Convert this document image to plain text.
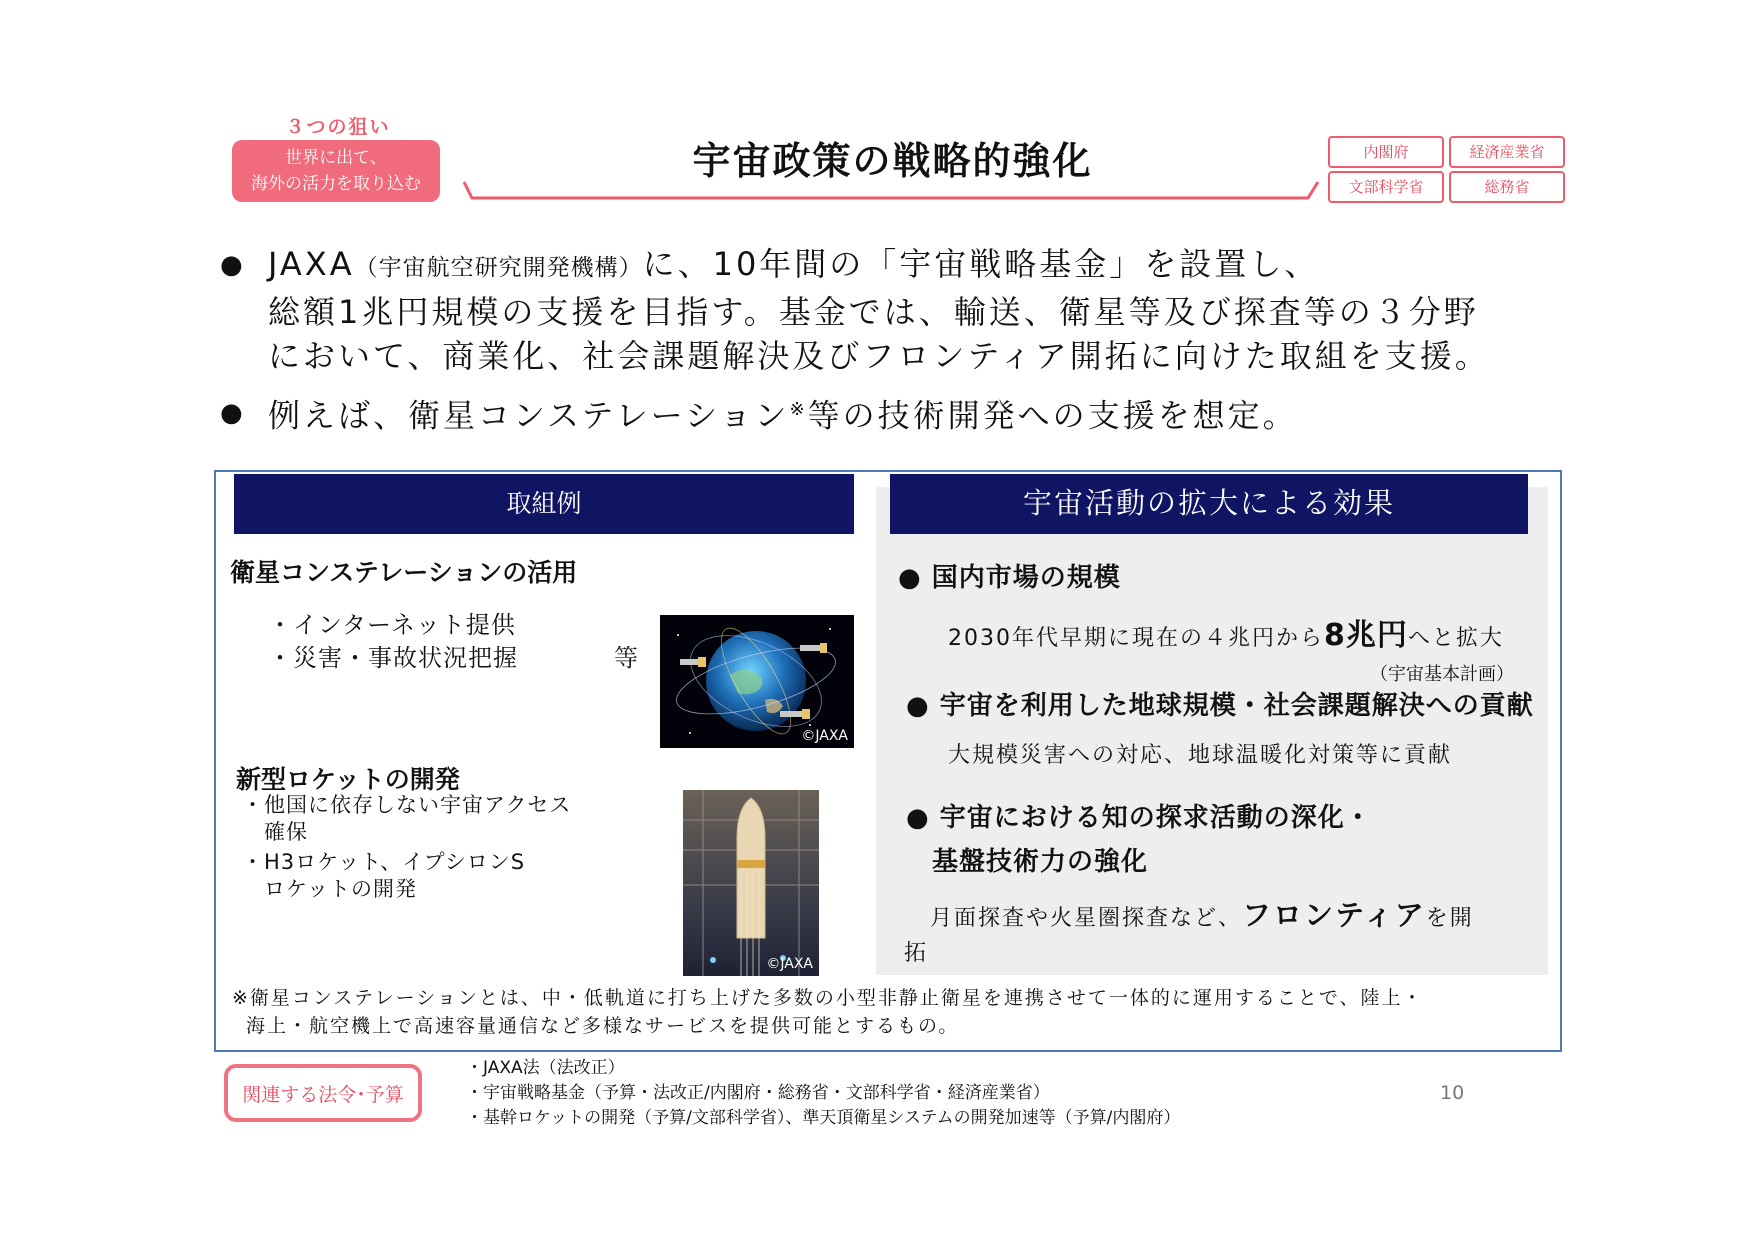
３つの狙い
世界に出て、
海外の活力を取り込む
宇宙政策の戦略的強化	内閣府	経済産業省
文部科学省	総務省
● JAXA（宇宙航空研究開発機構）に、10年間の「宇宙戦略基金」を設置し、
総額1兆円規模の支援を目指す。基金では、輸送、衛星等及び探査等の３分野
において、商業化、社会課題解決及びフロンティア開拓に向けた取組を支援。
● 例えば、衛星コンステレーション※等の技術開発への支援を想定。
取組例
衛星コンステレーションの活用
・インターネット提供
・災害・事故状況把握	等
©JAXA
新型ロケットの開発
・他国に依存しない宇宙アクセス
確保
・H3ロケット、イプシロンS
ロケットの開発
©JAXA
宇宙活動の拡大による効果
● 国内市場の規模
2030年代早期に現在の４兆円から8兆円へと拡大
（宇宙基本計画）
● 宇宙を利用した地球規模・社会課題解決への貢献
大規模災害への対応、地球温暖化対策等に貢献
● 宇宙における知の探求活動の深化・
基盤技術力の強化
月面探査や火星圏探査など、フロンティアを開
拓
※衛星コンステレーションとは、中・低軌道に打ち上げた多数の小型非静止衛星を連携させて一体的に運用することで、陸上・
海上・航空機上で高速容量通信など多様なサービスを提供可能とするもの。
関連する法令･予算
・JAXA法（法改正）
・宇宙戦略基金（予算・法改正/内閣府・総務省・文部科学省・経済産業省）
・基幹ロケットの開発（予算/文部科学省）、準天頂衛星システムの開発加速等（予算/内閣府）
10
